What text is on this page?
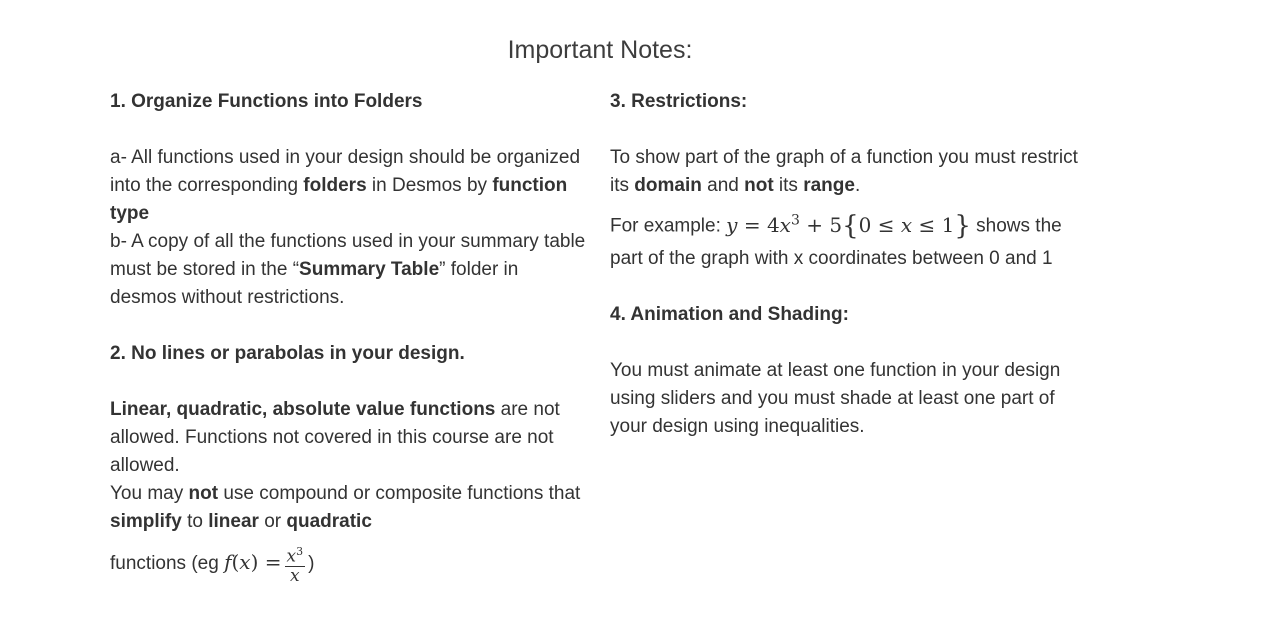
Important Notes:

1. Organize Functions into Folders

a- All functions used in your design should be organized into the corresponding folders in Desmos by function type

b- A copy of all the functions used in your summary table must be stored in the “Summary Table” folder in desmos without restrictions.

2. No lines or parabolas in your design.

Linear, quadratic, absolute value functions are not allowed. Functions not covered in this course are not allowed.

You may not use compound or composite functions that simplify to linear or quadratic

functions (eg $f(x) = \frac{x^3}{x}$ )

3. Restrictions:

To show part of the graph of a function you must restrict its domain and not its range.

For example: $y = 4x^3 + 5\{0 \le x \le 1\}$ shows the

part of the graph with x coordinates between 0 and 1

4. Animation and Shading:

You must animate at least one function in your design using sliders and you must shade at least one part of your design using inequalities.
